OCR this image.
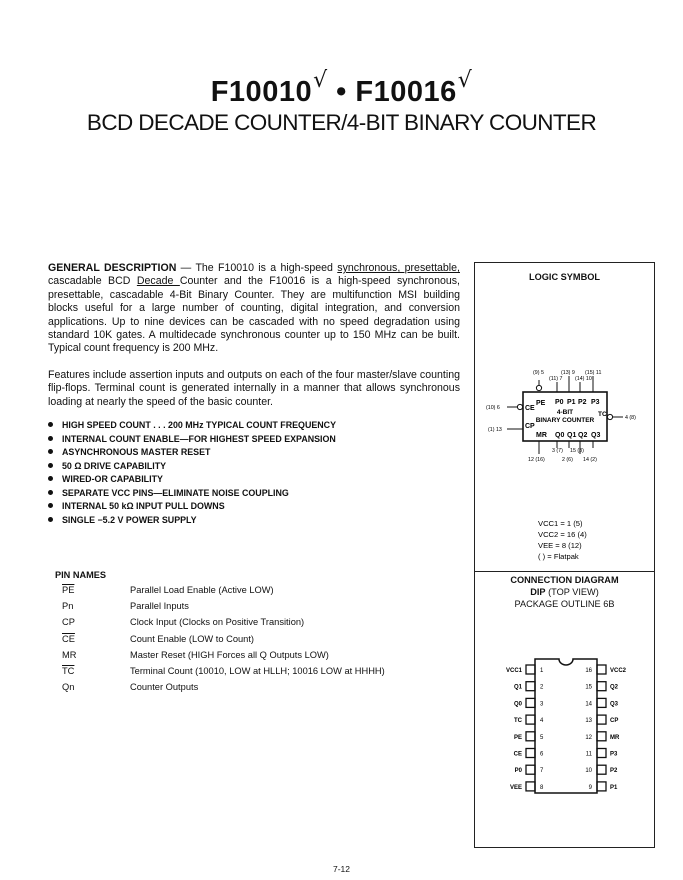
F10010√ • F10016√
BCD DECADE COUNTER/4-BIT BINARY COUNTER

GENERAL DESCRIPTION — The F10010 is a high-speed synchronous, presettable, cascadable BCD Decade Counter and the F10016 is a high-speed synchronous, presettable, cascadable 4-Bit Binary Counter. They are multifunction MSI building blocks useful for a large number of counting, digital integration, and conversion applications. Up to nine devices can be cascaded with no speed degradation using standard 10K gates. A multidecade synchronous counter up to 150 MHz can be built. Typical count frequency is 200 MHz.

Features include assertion inputs and outputs on each of the four master/slave counting flip-flops. Terminal count is generated internally in a manner that allows synchronous loading at nearly the speed of the basic counter.

HIGH SPEED COUNT . . . 200 MHz TYPICAL COUNT FREQUENCY
INTERNAL COUNT ENABLE—FOR HIGHEST SPEED EXPANSION
ASYNCHRONOUS MASTER RESET
50 Ω DRIVE CAPABILITY
WIRED-OR CAPABILITY
SEPARATE VCC PINS—ELIMINATE NOISE COUPLING
INTERNAL 50 kΩ INPUT PULL DOWNS
SINGLE −5.2 V POWER SUPPLY
PIN NAMES
$\overline{PE}$	Parallel Load Enable (Active LOW)
Pn	Parallel Inputs
CP	Clock Input (Clocks on Positive Transition)
$\overline{CE}$	Count Enable (LOW to Count)
MR	Master Reset (HIGH Forces all Q Outputs LOW)
$\overline{TC}$	Terminal Count (10010, LOW at HLLH; 10016 LOW at HHHH)
Qn	Counter Outputs
LOGIC SYMBOL
CONNECTION DIAGRAM
DIP (TOP VIEW)
PACKAGE OUTLINE 6B
PE
MR
P0
Q0
P1
Q1
P2
Q2
P3
Q3
(9) 5
(11) 7
(13) 9
(14) 10
(15) 11
12 (16)
3 (7)
2 (6)
15 (3)
14 (2)
(10) 6	CE
(1) 13	CP
4 (8)
TC
4-BIT
BINARY COUNTER
VCC1 = 1 (5)
VCC2 = 16 (4)
VEE = 8 (12)
( ) = Flatpak
1
VCC1
2
Q1
3
Q0
4
TC
5
PE
6
CE
7
P0
8
VEE
16	VCC2
15	Q2
14	Q3
13	CP
12	MR
11	P3
10	P2
9	P1
7-12
